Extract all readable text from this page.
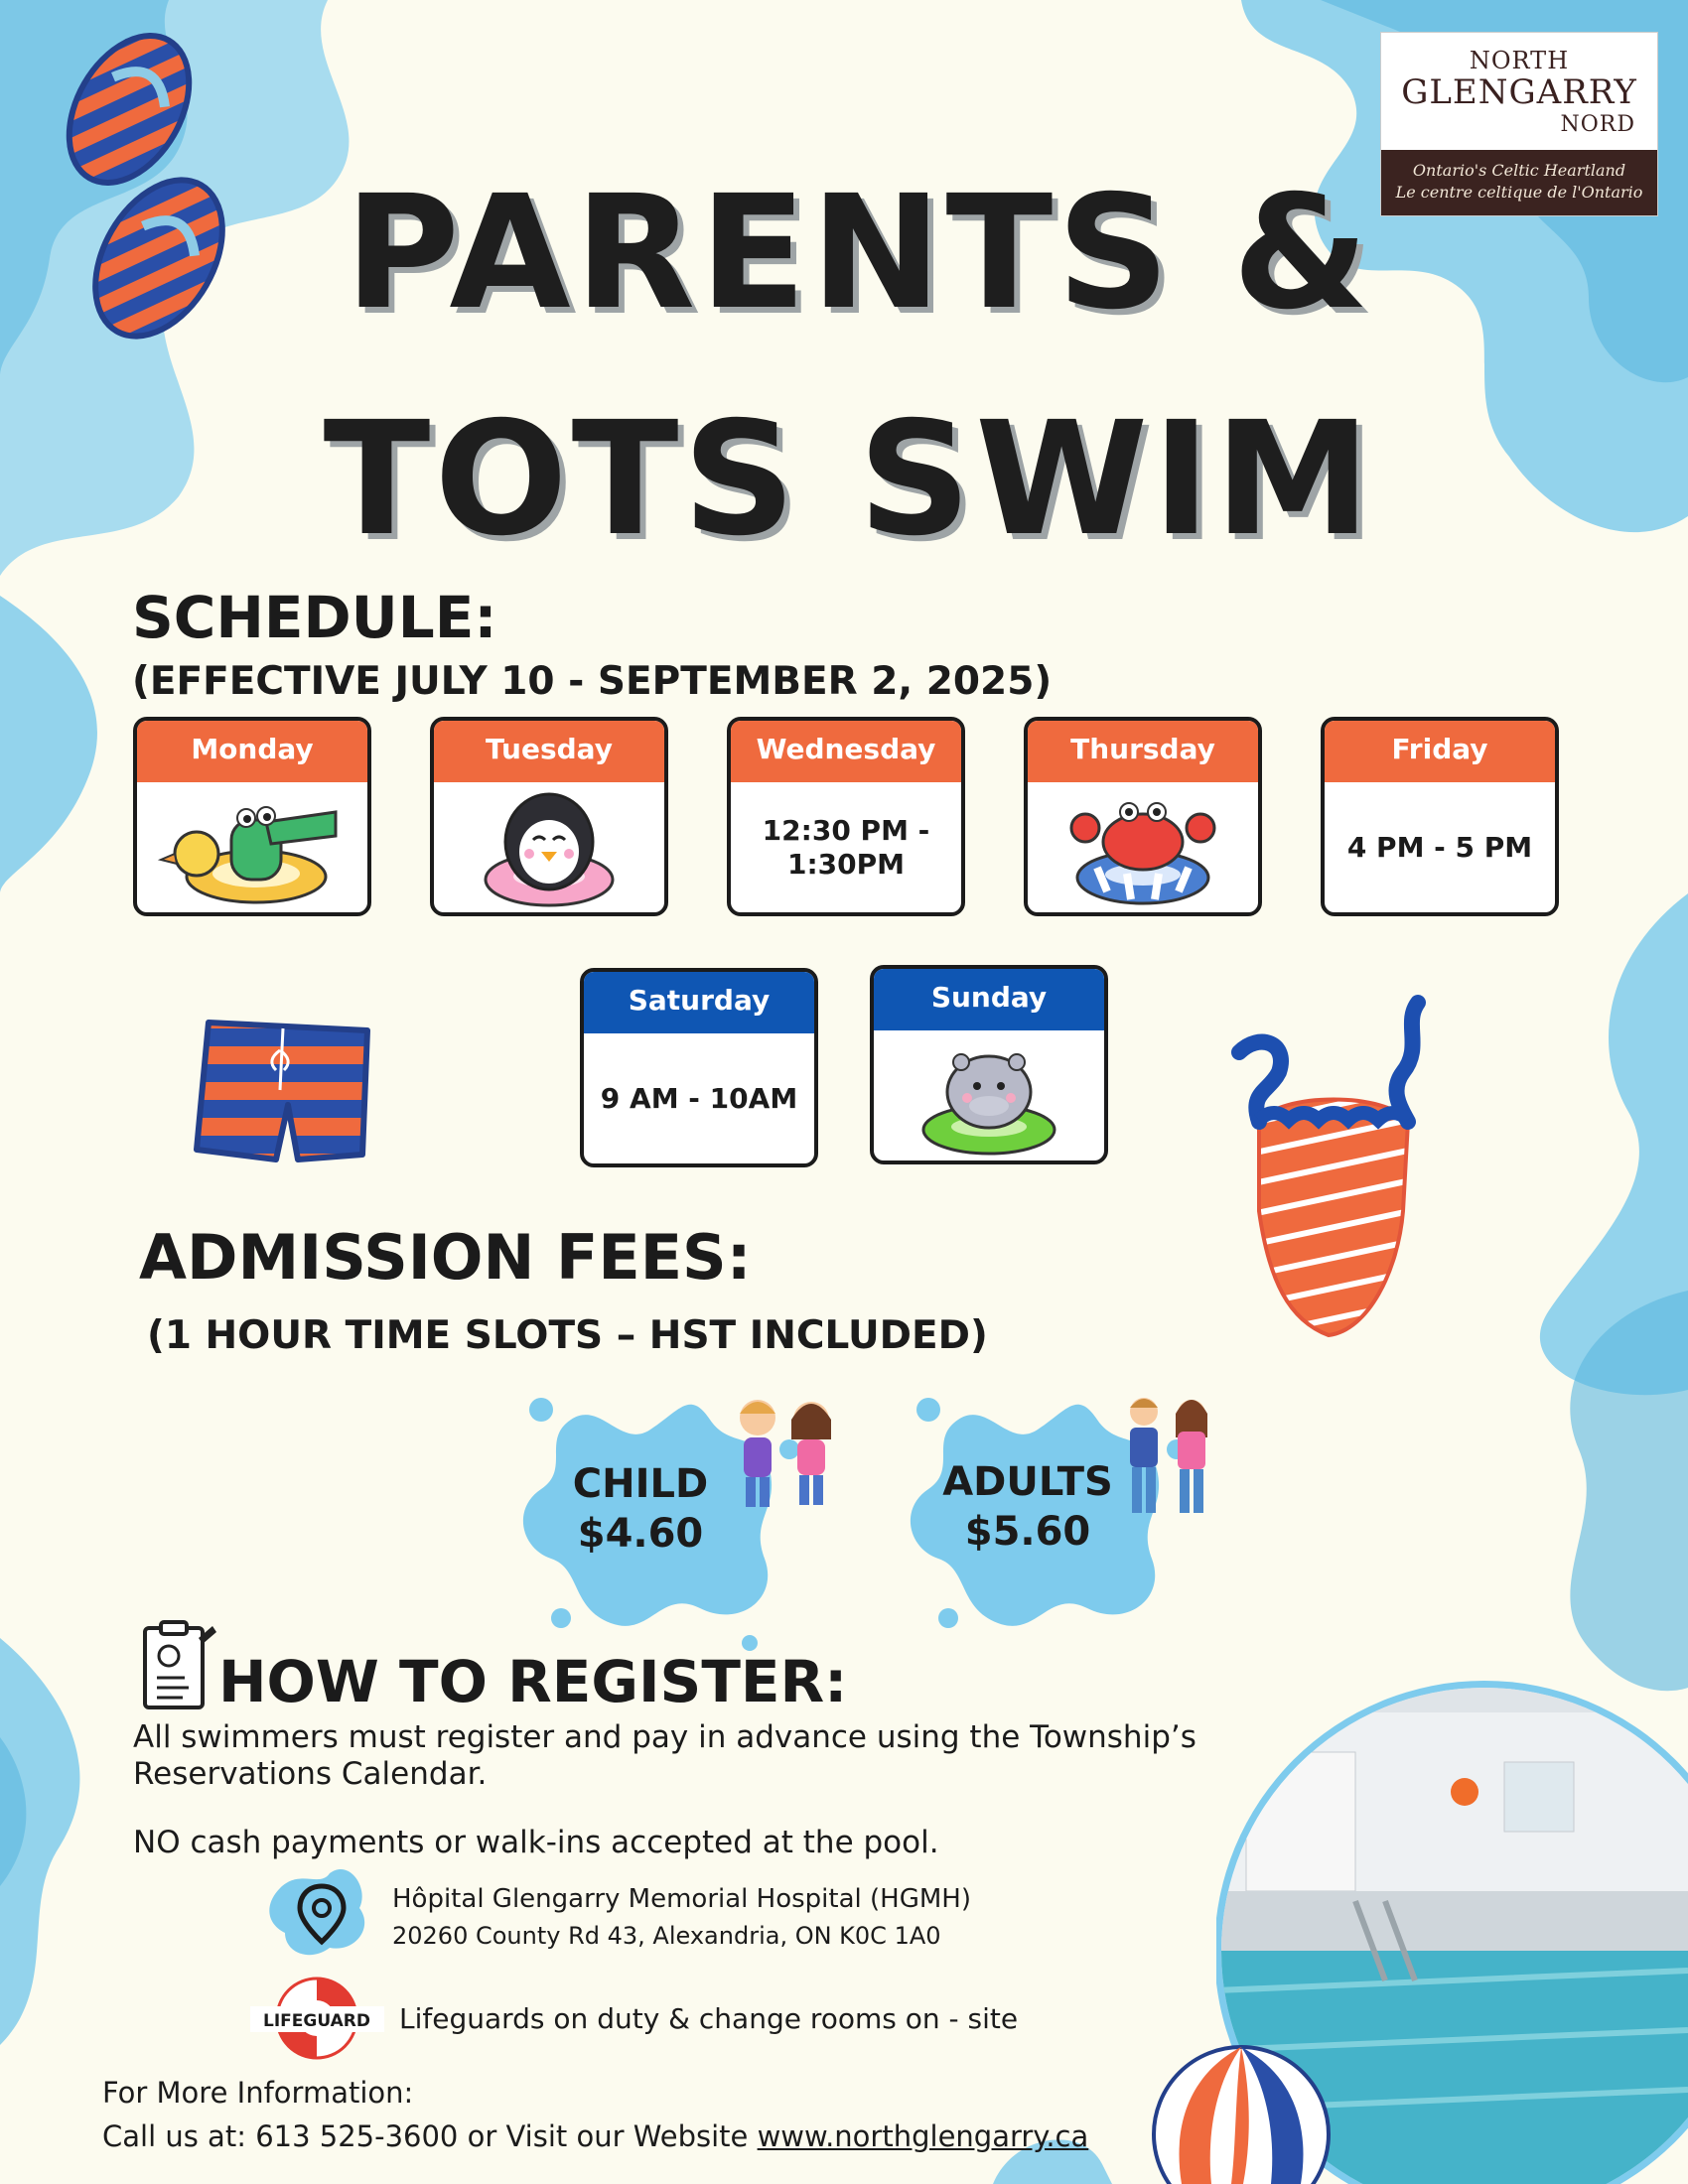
NORTH
GLENGARRY
NORD
Ontario's Celtic Heartland
Le centre celtique de l'Ontario
PARENTS &
TOTS SWIM
SCHEDULE:
(EFFECTIVE JULY 10 - SEPTEMBER 2, 2025)
Monday	Tuesday	Wednesday
12:30 PM -
1:30PM
Thursday	Friday
4 PM - 5 PM
Saturday
9 AM - 10AM
Sunday
ADMISSION FEES:
(1 HOUR TIME SLOTS – HST INCLUDED)
CHILD
$4.60
ADULTS
$5.60
HOW TO REGISTER:
All swimmers must register and pay in advance using the Township’s
Reservations Calendar.
NO cash payments or walk-ins accepted at the pool.
Hôpital Glengarry Memorial Hospital (HGMH)
20260 County Rd 43, Alexandria, ON K0C 1A0
LIFEGUARD Lifeguards on duty & change rooms on - site
For More Information:
Call us at: 613 525-3600 or Visit our Website www.northglengarry.ca
